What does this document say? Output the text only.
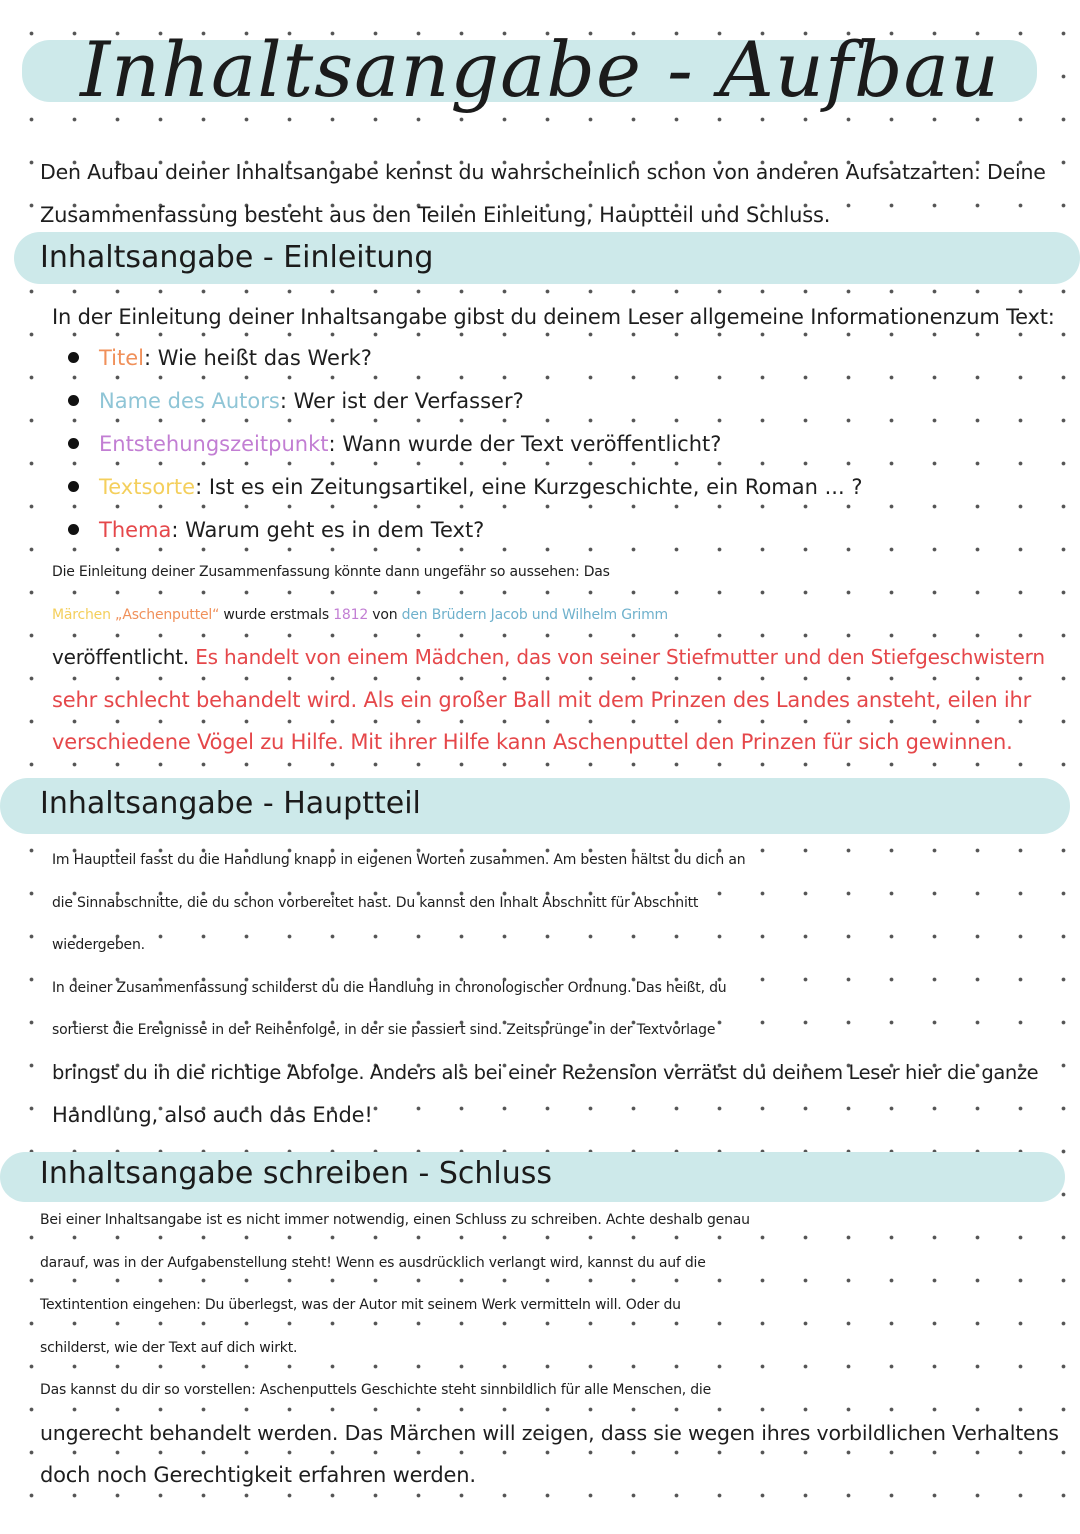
Inhaltsangabe - Aufbau
Den Aufbau deiner Inhaltsangabe kennst du wahrscheinlich schon von anderen Aufsatzarten: Deine
Zusammenfassung besteht aus den Teilen Einleitung, Hauptteil und Schluss.
Inhaltsangabe - Einleitung
In der Einleitung deiner Inhaltsangabe gibst du deinem Leser allgemeine Informationenzum Text:
Titel: Wie heißt das Werk?
Name des Autors: Wer ist der Verfasser?
Entstehungszeitpunkt: Wann wurde der Text veröffentlicht?
Textsorte: Ist es ein Zeitungsartikel, eine Kurzgeschichte, ein Roman ... ?
Thema: Warum geht es in dem Text?
Die Einleitung deiner Zusammenfassung könnte dann ungefähr so aussehen: Das
Märchen „Aschenputtel“ wurde erstmals 1812 von den Brüdern Jacob und Wilhelm Grimm
veröffentlicht. Es handelt von einem Mädchen, das von seiner Stiefmutter und den Stiefgeschwistern
sehr schlecht behandelt wird. Als ein großer Ball mit dem Prinzen des Landes ansteht, eilen ihr
verschiedene Vögel zu Hilfe. Mit ihrer Hilfe kann Aschenputtel den Prinzen für sich gewinnen.
Inhaltsangabe - Hauptteil
Im Hauptteil fasst du die Handlung knapp in eigenen Worten zusammen. Am besten hältst du dich an
die Sinnabschnitte, die du schon vorbereitet hast. Du kannst den Inhalt Abschnitt für Abschnitt
wiedergeben.
In deiner Zusammenfassung schilderst du die Handlung in chronologischer Ordnung. Das heißt, du
sortierst die Ereignisse in der Reihenfolge, in der sie passiert sind. Zeitsprünge in der Textvorlage
bringst du in die richtige Abfolge. Anders als bei einer Rezension verrätst du deinem Leser hier die ganze
Handlung, also auch das Ende!
Inhaltsangabe schreiben - Schluss
Bei einer Inhaltsangabe ist es nicht immer notwendig, einen Schluss zu schreiben. Achte deshalb genau
darauf, was in der Aufgabenstellung steht! Wenn es ausdrücklich verlangt wird, kannst du auf die
Textintention eingehen: Du überlegst, was der Autor mit seinem Werk vermitteln will. Oder du
schilderst, wie der Text auf dich wirkt.
Das kannst du dir so vorstellen: Aschenputtels Geschichte steht sinnbildlich für alle Menschen, die
ungerecht behandelt werden. Das Märchen will zeigen, dass sie wegen ihres vorbildlichen Verhaltens
doch noch Gerechtigkeit erfahren werden.
